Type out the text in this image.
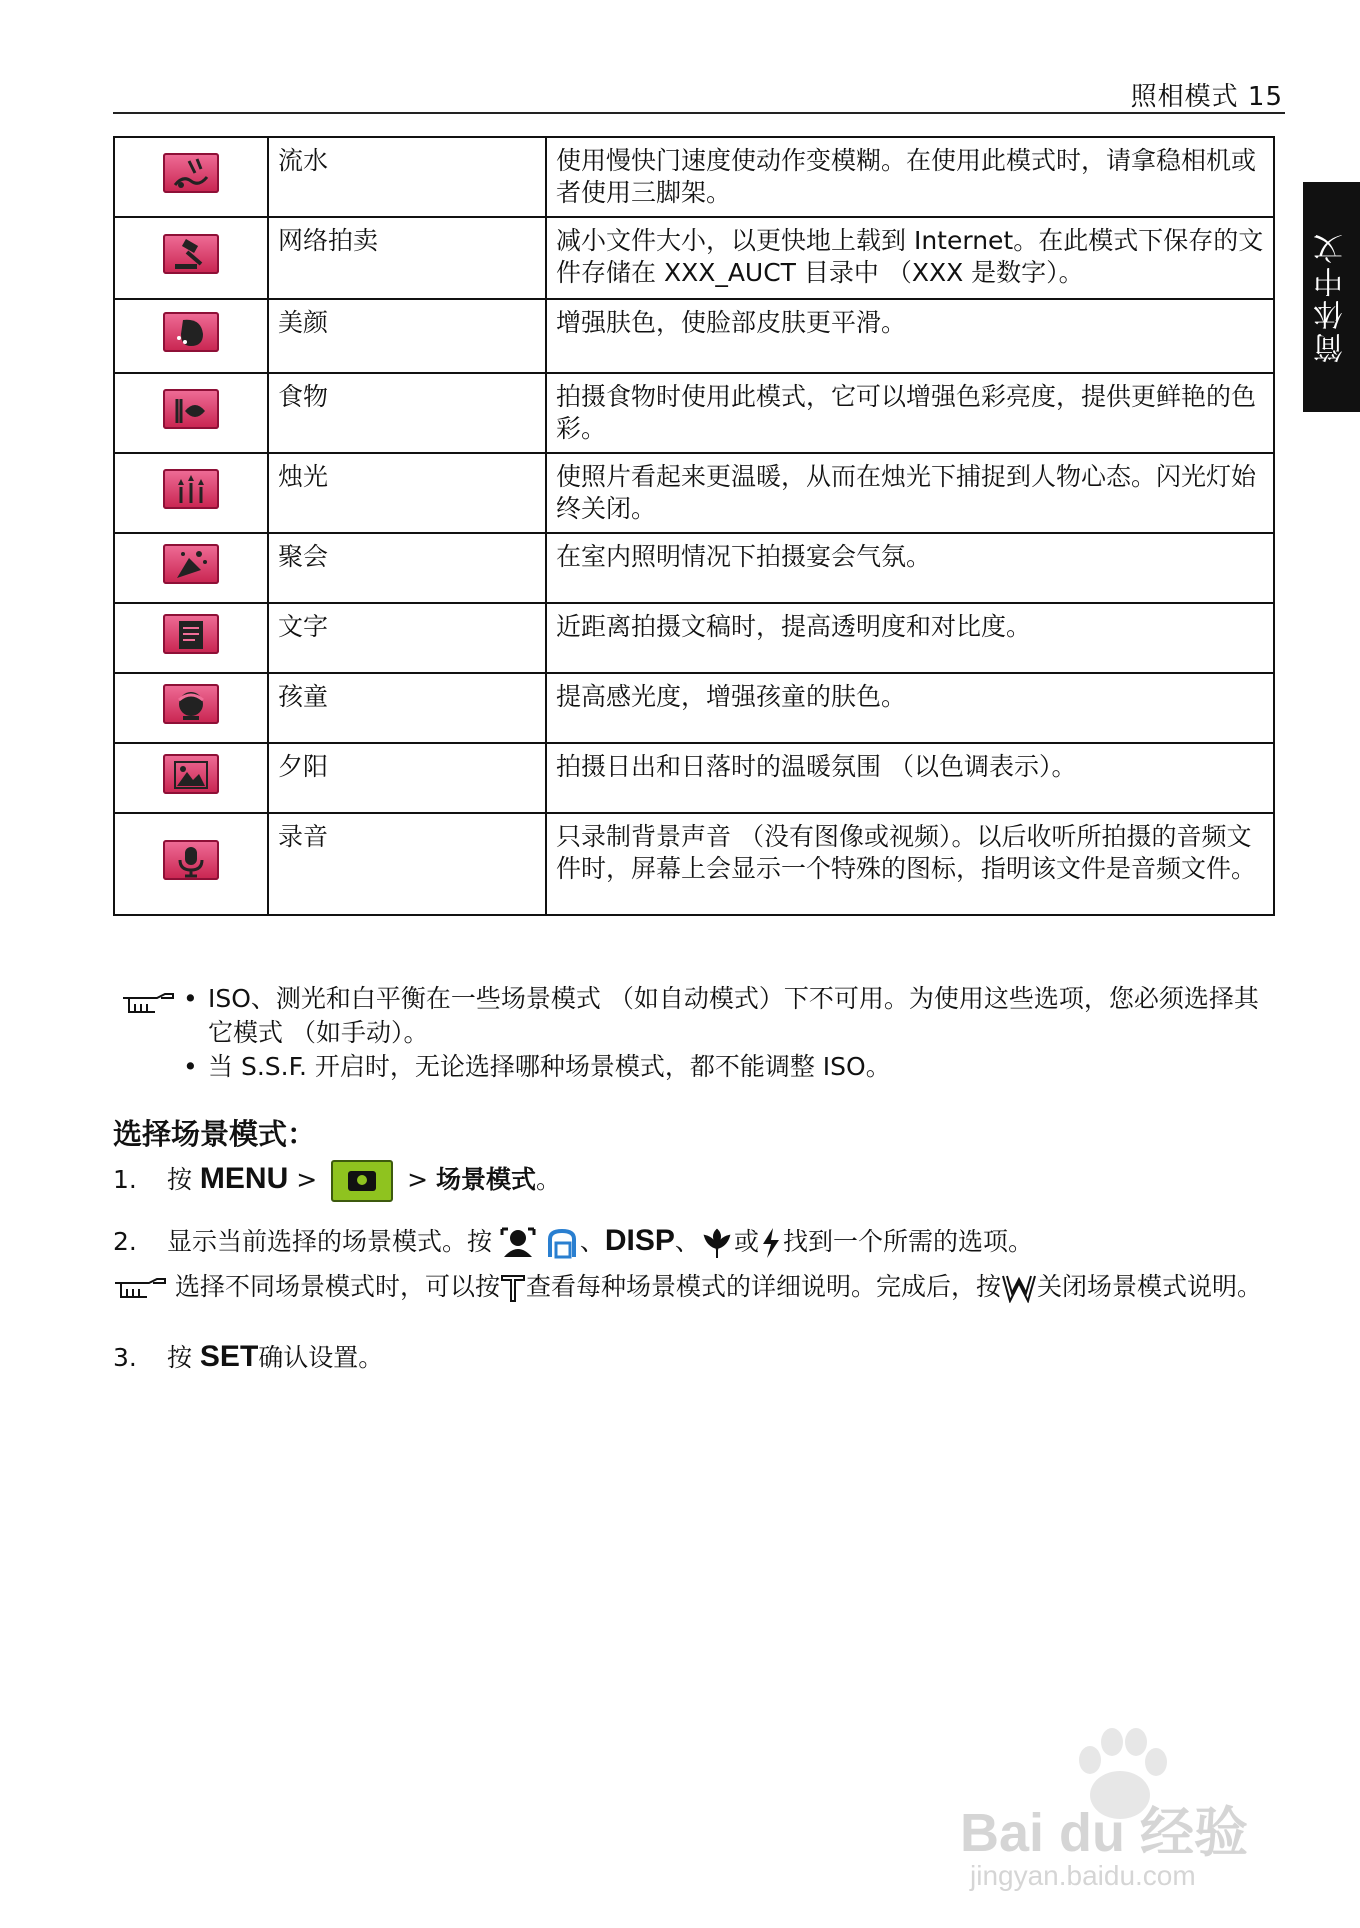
照相模式 15
简体中文
	流水	使用慢快门速度使动作变模糊。在使用此模式时，请拿稳相机或者使用三脚架。

	网络拍卖	减小文件大小，以更快地上载到 Internet。在此模式下保存的文件存储在 XXX_AUCT 目录中 （XXX 是数字）。

	美颜	增强肤色，使脸部皮肤更平滑。

	食物	拍摄食物时使用此模式，它可以增强色彩亮度，提供更鲜艳的色彩。

	烛光	使照片看起来更温暖，从而在烛光下捕捉到人物心态。闪光灯始终关闭。

	聚会	在室内照明情况下拍摄宴会气氛。

	文字	近距离拍摄文稿时，提高透明度和对比度。

	孩童	提高感光度，增强孩童的肤色。

	夕阳	拍摄日出和日落时的温暖氛围 （以色调表示）。

	录音	只录制背景声音 （没有图像或视频）。以后收听所拍摄的音频文件时，屏幕上会显示一个特殊的图标，指明该文件是音频文件。
• ISO、测光和白平衡在一些场景模式 （如自动模式）下不可用。为使用这些选项，您必须选择其它模式 （如手动）。
• 当 S.S.F. 开启时，无论选择哪种场景模式，都不能调整 ISO。
选择场景模式：
1. 按 MENU >	> 场景模式。
2. 显示当前选择的场景模式。按	、DISP、 或 找到一个所需的选项。
选择不同场景模式时，可以按 查看每种场景模式的详细说明。完成后，按 关闭场景模式说明。
3. 按 SET确认设置。
Bai du 经验
jingyan.baidu.com
